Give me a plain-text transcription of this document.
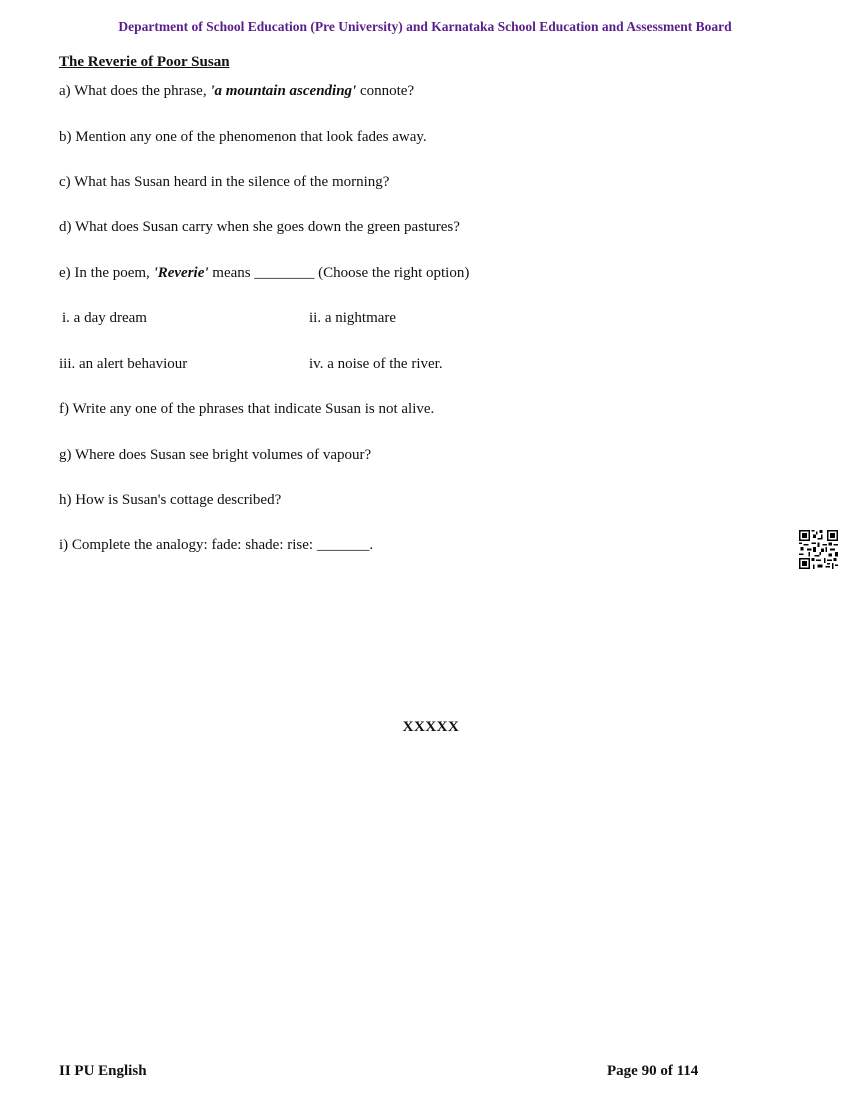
Department of School Education (Pre University) and Karnataka School Education and Assessment Board
The Reverie of Poor Susan
a) What does the phrase, 'a mountain ascending' connote?
b) Mention any one of the phenomenon that look fades away.
c) What has Susan heard in the silence of the morning?
d) What does Susan carry when she goes down the green pastures?
e) In the poem, 'Reverie' means ________ (Choose the right option)
i. a day dream	ii. a nightmare
iii. an alert behaviour	iv. a noise of the river.
f) Write any one of the phrases that indicate Susan is not alive.
g) Where does Susan see bright volumes of vapour?
h) How is Susan's cottage described?
i) Complete the analogy: fade: shade: rise: _______.
XXXXX
II PU English	Page 90 of 114
